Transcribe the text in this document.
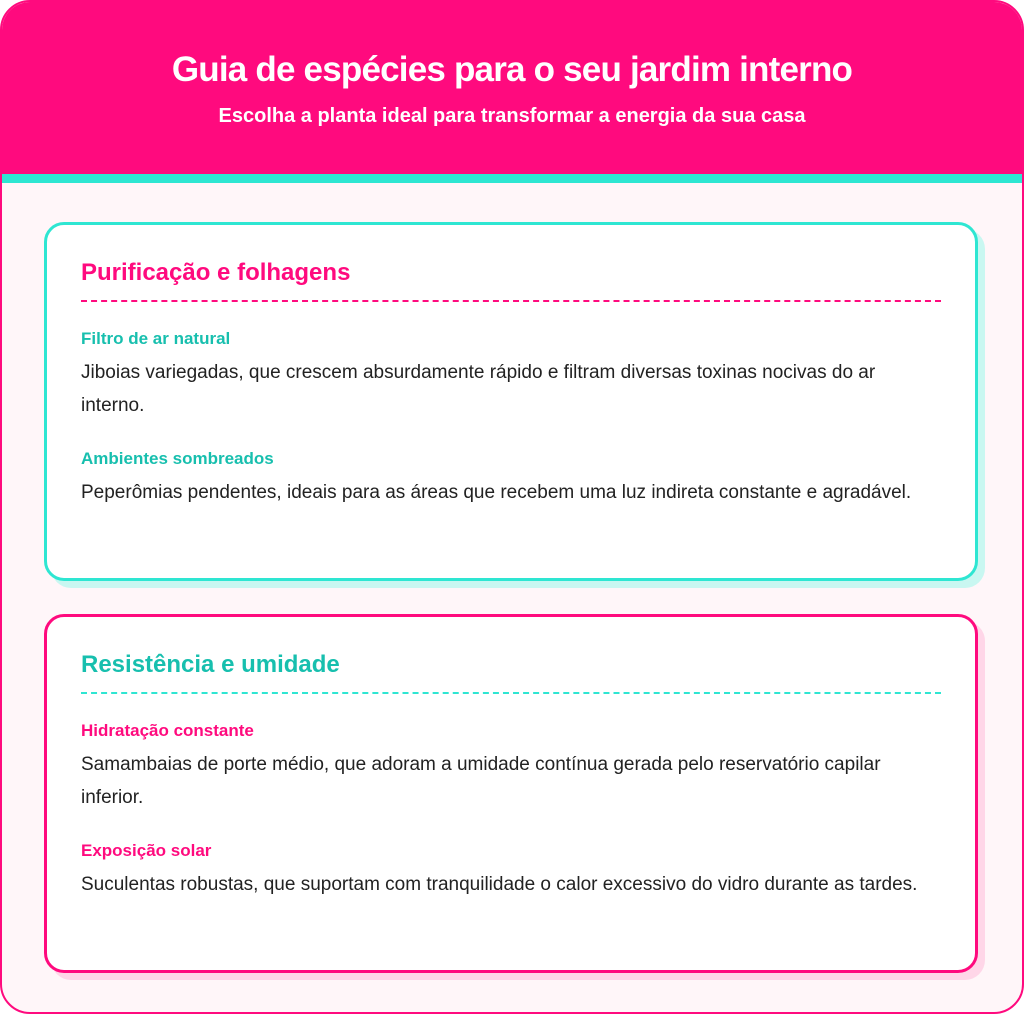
Guia de espécies para o seu jardim interno
Escolha a planta ideal para transformar a energia da sua casa
Purificação e folhagens
Filtro de ar natural

Jiboias variegadas, que crescem absurdamente rápido e filtram diversas toxinas nocivas do ar interno.

Ambientes sombreados

Peperômias pendentes, ideais para as áreas que recebem uma luz indireta constante e agradável.

Resistência e umidade
Hidratação constante

Samambaias de porte médio, que adoram a umidade contínua gerada pelo reservatório capilar inferior.

Exposição solar

Suculentas robustas, que suportam com tranquilidade o calor excessivo do vidro durante as tardes.
